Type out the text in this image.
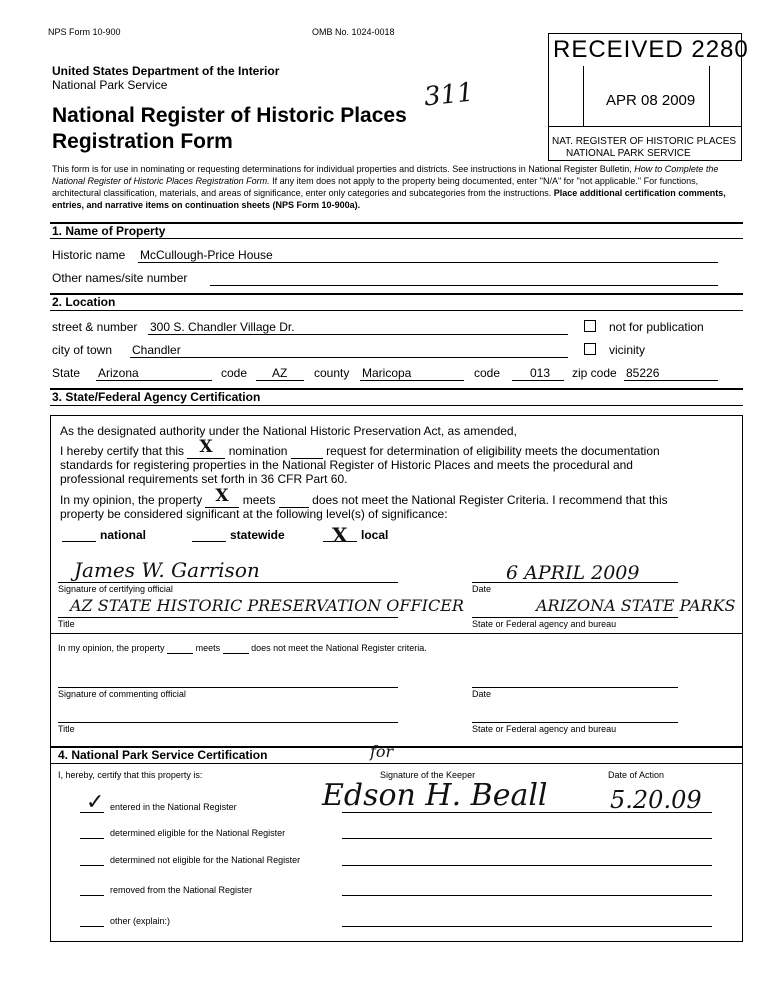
NPS Form 10-900	OMB No. 1024-0018
United States Department of the Interior
National Park Service
National Register of Historic Places
Registration Form
311
RECEIVED 2280
APR 08 2009
NAT. REGISTER OF HISTORIC PLACES
NATIONAL PARK SERVICE
This form is for use in nominating or requesting determinations for individual properties and districts. See instructions in National Register Bulletin, How to Complete the National Register of Historic Places Registration Form. If any item does not apply to the property being documented, enter "N/A" for "not applicable." For functions, architectural classification, materials, and areas of significance, enter only categories and subcategories from the instructions. Place additional certification comments, entries, and narrative items on continuation sheets (NPS Form 10-900a).
1. Name of Property
Historic name McCullough-Price House
Other names/site number
2. Location
street & number 300 S. Chandler Village Dr.	not for publication
city of town Chandler	vicinity
State Arizona	code AZ county Maricopa	code 013 zip code 85226
3. State/Federal Agency Certification
As the designated authority under the National Historic Preservation Act, as amended,
I hereby certify that this X nomination	request for determination of eligibility meets the documentation
standards for registering properties in the National Register of Historic Places and meets the procedural and
professional requirements set forth in 36 CFR Part 60.
In my opinion, the property X meets	does not meet the National Register Criteria. I recommend that this
property be considered significant at the following level(s) of significance:
national	statewide X local
James W. Garrison
Signature of certifying official
6 APRIL 2009
Date
AZ STATE HISTORIC PRESERVATION OFFICER
Title
ARIZONA STATE PARKS
State or Federal agency and bureau
In my opinion, the property	meets	does not meet the National Register criteria.
Signature of commenting official	Date
Title	State or Federal agency and bureau
4. National Park Service Certification
I, hereby, certify that this property is:	Signature of the Keeper	Date of Action
for
Edson H. Beall	5.20.09
✓ entered in the National Register
determined eligible for the National Register
determined not eligible for the National Register
removed from the National Register
other (explain:)
